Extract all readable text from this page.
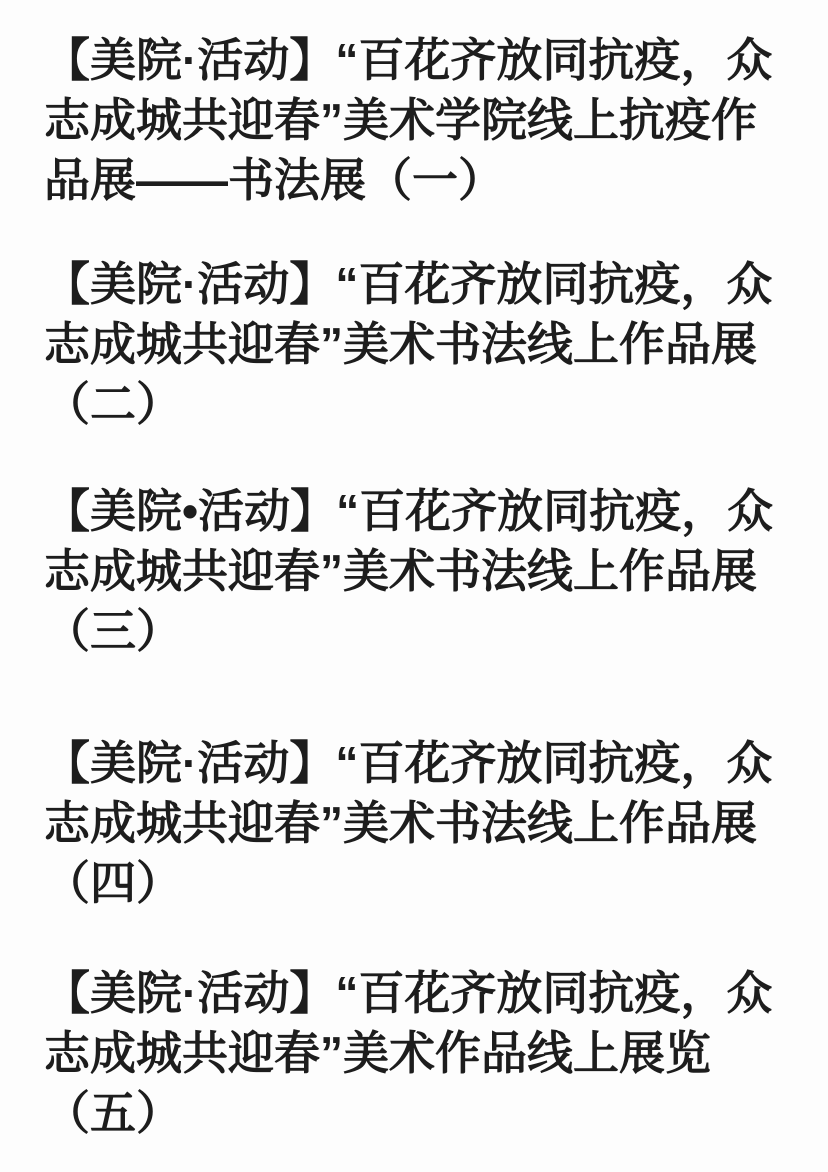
【美院·活动】“百花齐放同抗疫，众
志成城共迎春”美术学院线上抗疫作
品展——书法展（一）
【美院·活动】“百花齐放同抗疫，众
志成城共迎春”美术书法线上作品展
（二）
【美院•活动】“百花齐放同抗疫，众
志成城共迎春”美术书法线上作品展
（三）
【美院·活动】“百花齐放同抗疫，众
志成城共迎春”美术书法线上作品展
（四）
【美院·活动】“百花齐放同抗疫，众
志成城共迎春”美术作品线上展览
（五）
